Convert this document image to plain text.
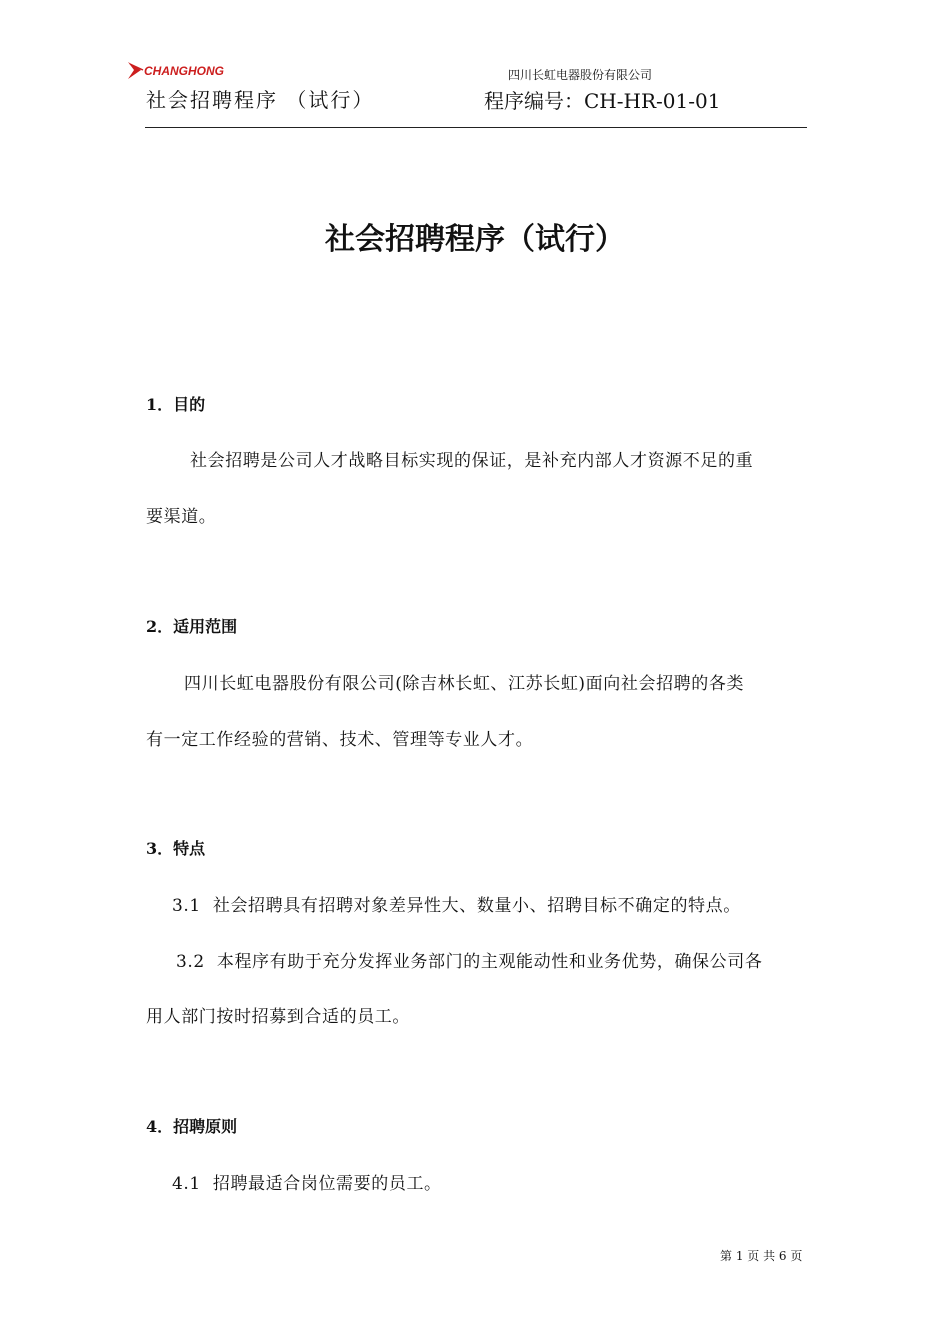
CHANGHONG	四川长虹电器股份有限公司
社会招聘程序 （试行）	程序编号：CH-HR-01-01
社会招聘程序（试行）
1．目的
社会招聘是公司人才战略目标实现的保证，是补充内部人才资源不足的重
要渠道。
2．适用范围
四川长虹电器股份有限公司(除吉林长虹、江苏长虹)面向社会招聘的各类
有一定工作经验的营销、技术、管理等专业人才。
3．特点
3.1  社会招聘具有招聘对象差异性大、数量小、招聘目标不确定的特点。
3.2  本程序有助于充分发挥业务部门的主观能动性和业务优势，确保公司各
用人部门按时招募到合适的员工。
4．招聘原则
4.1  招聘最适合岗位需要的员工。
第 1 页 共 6 页
